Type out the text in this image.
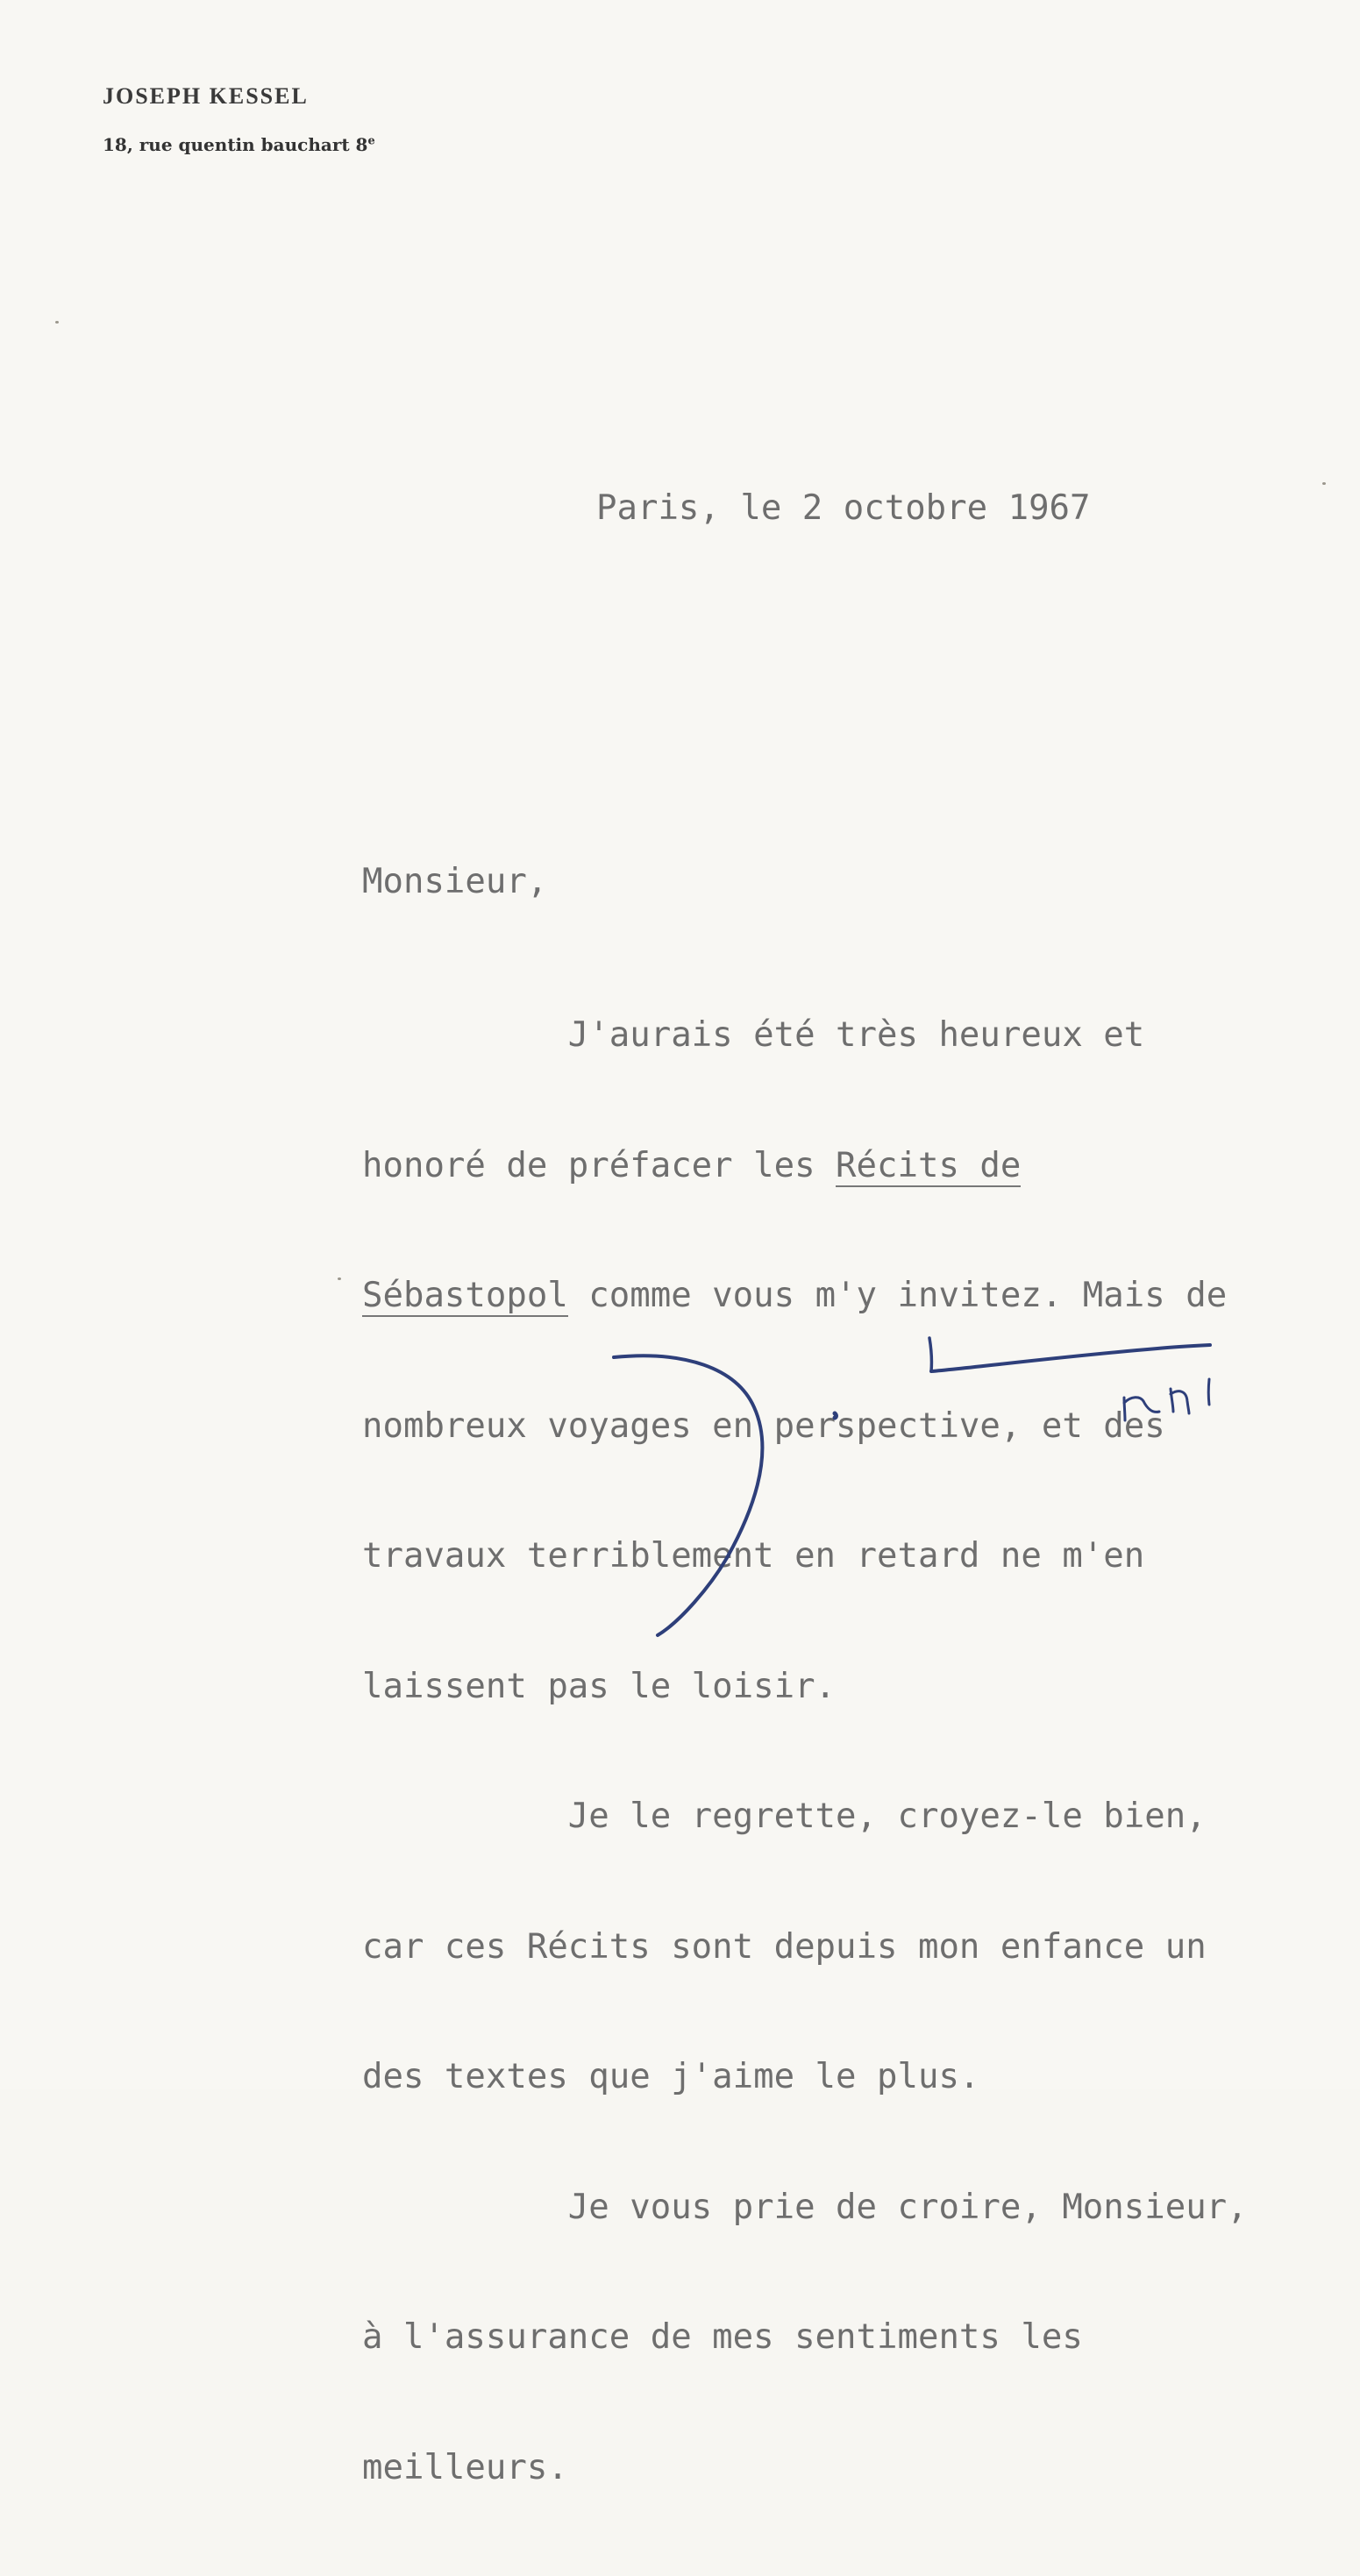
JOSEPH KESSEL

18, rue quentin bauchart 8e

Paris, le 2 octobre 1967

Monsieur,

J'aurais été très heureux et

honoré de préfacer les Récits de

Sébastopol comme vous m'y invitez. Mais de

nombreux voyages en perspective, et des

travaux terriblement en retard ne m'en

laissent pas le loisir.

Je le regrette, croyez-le bien,

car ces Récits sont depuis mon enfance un

des textes que j'aime le plus.

Je vous prie de croire, Monsieur,

à l'assurance de mes sentiments les

meilleurs.
